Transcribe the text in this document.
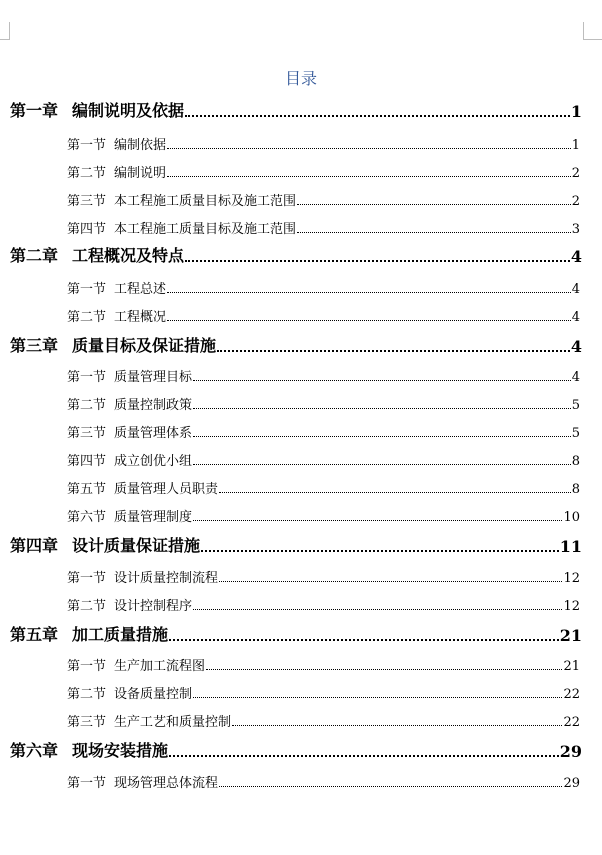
目录
第一章 编制说明及依据	1
第一节 编制依据	1
第二节 编制说明	2
第三节 本工程施工质量目标及施工范围	2
第四节 本工程施工质量目标及施工范围	3
第二章 工程概况及特点	4
第一节 工程总述	4
第二节 工程概况	4
第三章 质量目标及保证措施	4
第一节 质量管理目标	4
第二节 质量控制政策	5
第三节 质量管理体系	5
第四节 成立创优小组	8
第五节 质量管理人员职责	8
第六节 质量管理制度	10
第四章 设计质量保证措施	11
第一节 设计质量控制流程	12
第二节 设计控制程序	12
第五章 加工质量措施	21
第一节 生产加工流程图	21
第二节 设备质量控制	22
第三节 生产工艺和质量控制	22
第六章 现场安装措施	29
第一节 现场管理总体流程	29
